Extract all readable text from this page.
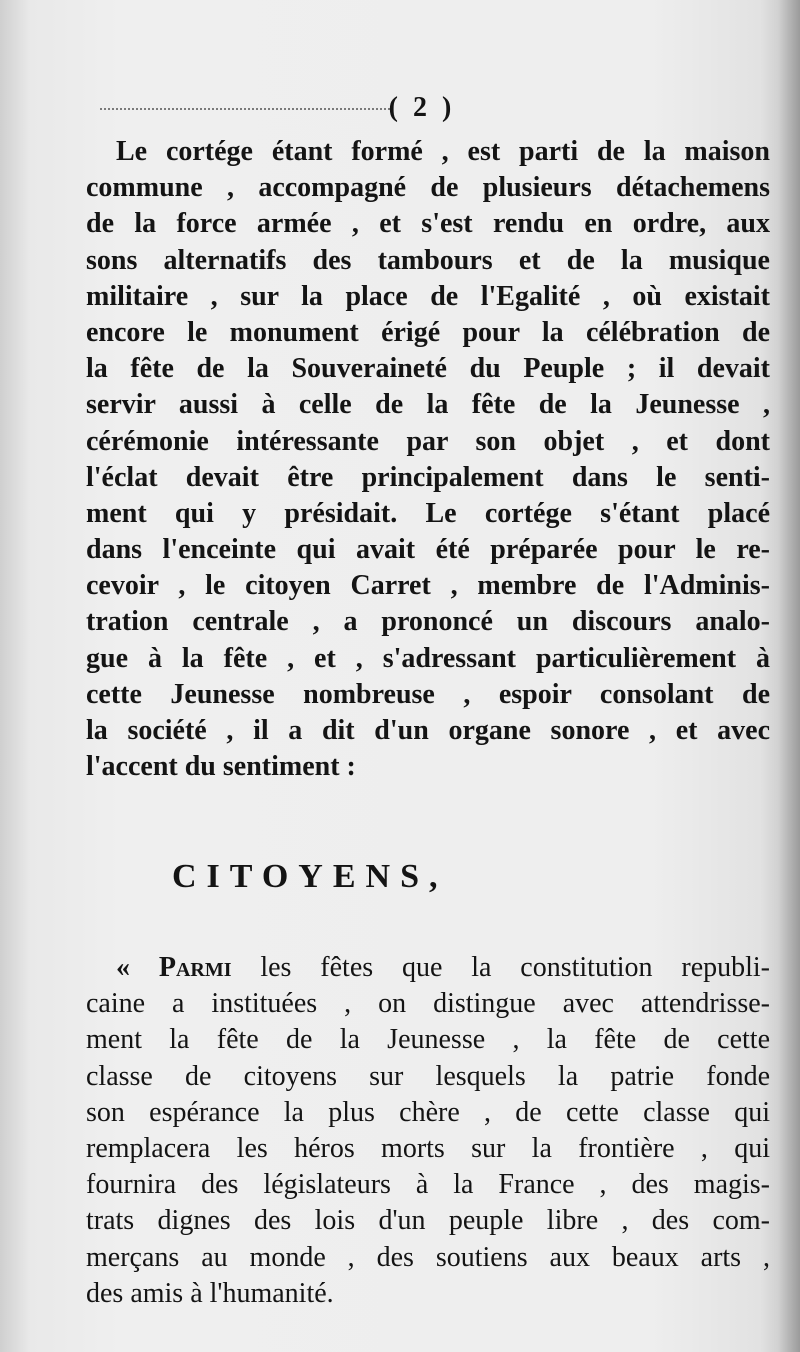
( 2 )
Le cortége étant formé , est parti de la maison
commune , accompagné de plusieurs détachemens
de la force armée , et s'est rendu en ordre, aux
sons alternatifs des tambours et de la musique
militaire , sur la place de l'Egalité , où existait
encore le monument érigé pour la célébration de
la fête de la Souveraineté du Peuple ; il devait
servir aussi à celle de la fête de la Jeunesse ,
cérémonie intéressante par son objet , et dont
l'éclat devait être principalement dans le senti-
ment qui y présidait. Le cortége s'étant placé
dans l'enceinte qui avait été préparée pour le re-
cevoir , le citoyen Carret , membre de l'Adminis-
tration centrale , a prononcé un discours analo-
gue à la fête , et , s'adressant particulièrement à
cette Jeunesse nombreuse , espoir consolant de
la société , il a dit d'un organe sonore , et avec
l'accent du sentiment :
CITOYENS,
« Parmi les fêtes que la constitution republi-
caine a instituées , on distingue avec attendrisse-
ment la fête de la Jeunesse , la fête de cette
classe de citoyens sur lesquels la patrie fonde
son espérance la plus chère , de cette classe qui
remplacera les héros morts sur la frontière , qui
fournira des législateurs à la France , des magis-
trats dignes des lois d'un peuple libre , des com-
merçans au monde , des soutiens aux beaux arts ,
des amis à l'humanité.
